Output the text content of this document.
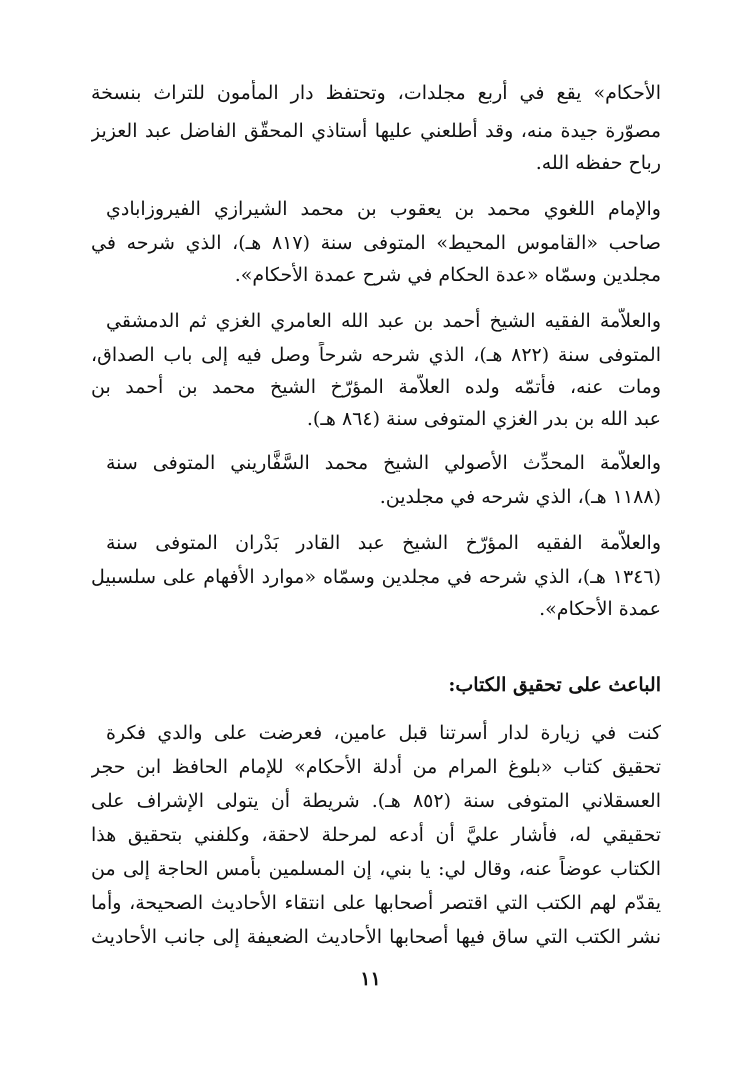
الأحكام» يقع في أربع مجلدات، وتحتفظ دار المأمون للتراث بنسخة
مصوّرة جيدة منه، وقد أطلعني عليها أستاذي المحقّق الفاضل عبد العزيز
رباح حفظه الله.
والإمام اللغوي محمد بن يعقوب بن محمد الشيرازي الفيروزابادي
صاحب «القاموس المحيط» المتوفى سنة (٨١٧ هـ)، الذي شرحه في
مجلدين وسمّاه «عدة الحكام في شرح عمدة الأحكام».
والعلاّمة الفقيه الشيخ أحمد بن عبد الله العامري الغزي ثم الدمشقي
المتوفى سنة (٨٢٢ هـ)، الذي شرحه شرحاً وصل فيه إلى باب الصداق،
ومات عنه، فأتمّه ولده العلاّمة المؤرّخ الشيخ محمد بن أحمد بن
عبد الله بن بدر الغزي المتوفى سنة (٨٦٤ هـ).
والعلاّمة المحدِّث الأصولي الشيخ محمد السَّفَّاريني المتوفى سنة
(١١٨٨ هـ)، الذي شرحه في مجلدين.
والعلاّمة الفقيه المؤرّخ الشيخ عبد القادر بَدْران المتوفى سنة
(١٣٤٦ هـ)، الذي شرحه في مجلدين وسمّاه «موارد الأفهام على سلسبيل
عمدة الأحكام».
الباعث على تحقيق الكتاب:
كنت في زيارة لدار أسرتنا قبل عامين، فعرضت على والدي فكرة
تحقيق كتاب «بلوغ المرام من أدلة الأحكام» للإمام الحافظ ابن حجر
العسقلاني المتوفى سنة (٨٥٢ هـ). شريطة أن يتولى الإشراف على
تحقيقي له، فأشار عليَّ أن أدعه لمرحلة لاحقة، وكلفني بتحقيق هذا
الكتاب عوضاً عنه، وقال لي: يا بني، إن المسلمين بأمس الحاجة إلى من
يقدّم لهم الكتب التي اقتصر أصحابها على انتقاء الأحاديث الصحيحة، وأما
نشر الكتب التي ساق فيها أصحابها الأحاديث الضعيفة إلى جانب الأحاديث
١١
